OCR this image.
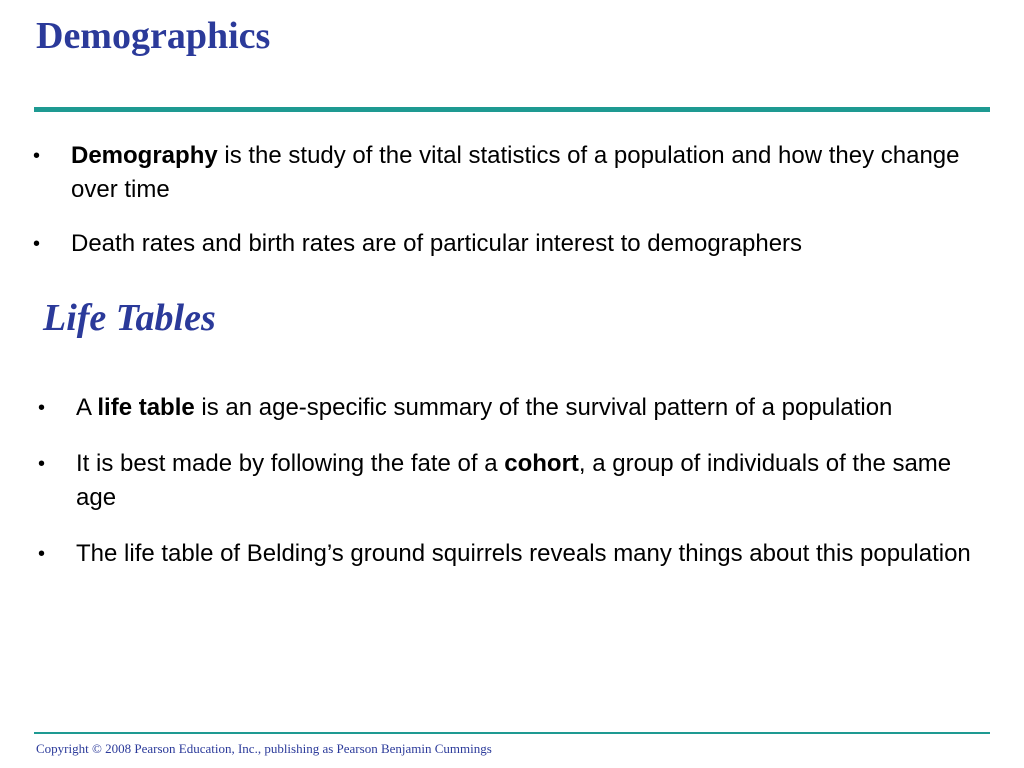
Demographics
• Demography is the study of the vital statistics of a population and how they change over time
• Death rates and birth rates are of particular interest to demographers
Life Tables
• A life table is an age-specific summary of the survival pattern of a population
• It is best made by following the fate of a cohort, a group of individuals of the same age
• The life table of Belding’s ground squirrels reveals many things about this population
Copyright © 2008 Pearson Education, Inc., publishing as Pearson Benjamin Cummings
